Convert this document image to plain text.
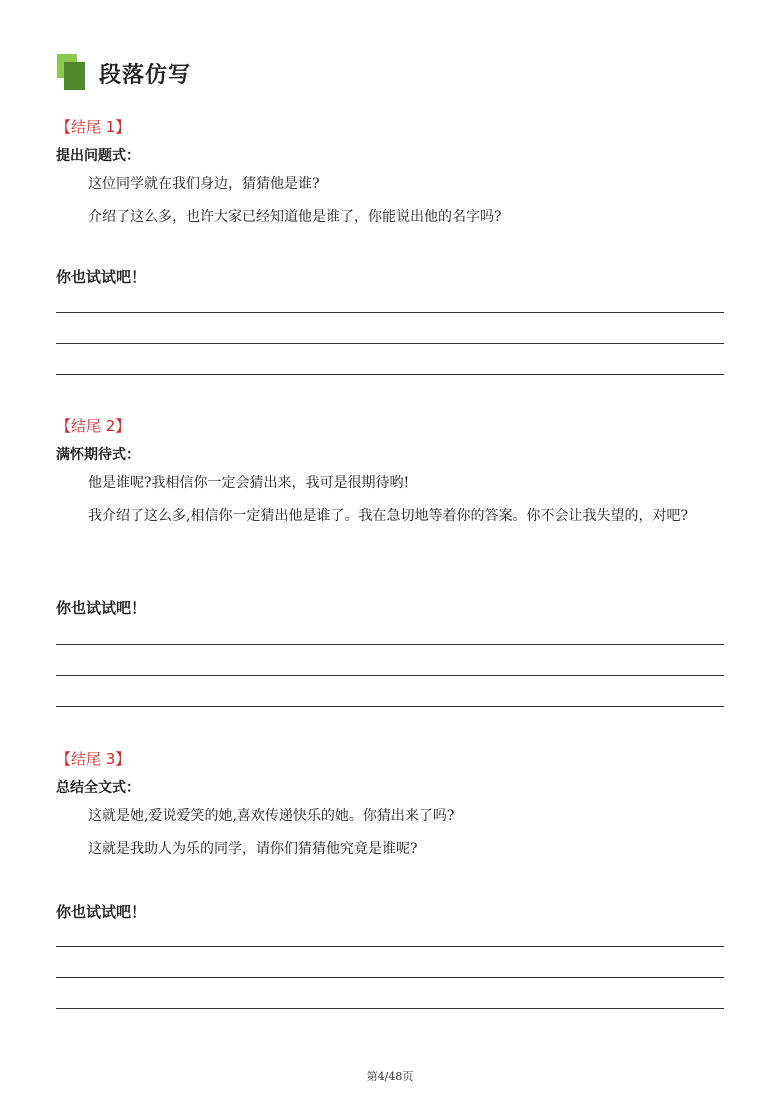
段落仿写
【结尾 1】
提出问题式：

这位同学就在我们身边，猜猜他是谁?

介绍了这么多，也许大家已经知道他是谁了，你能说出他的名字吗?

你也试试吧！
【结尾 2】
满怀期待式：

他是谁呢?我相信你一定会猜出来，我可是很期待哟!

我介绍了这么多,相信你一定猜出他是谁了。我在急切地等着你的答案。你不会让我失望的，对吧?

你也试试吧！
【结尾 3】
总结全文式：

这就是她,爱说爱笑的她,喜欢传递快乐的她。你猜出来了吗?

这就是我助人为乐的同学，请你们猜猜他究竟是谁呢?

你也试试吧！
第4/48页
